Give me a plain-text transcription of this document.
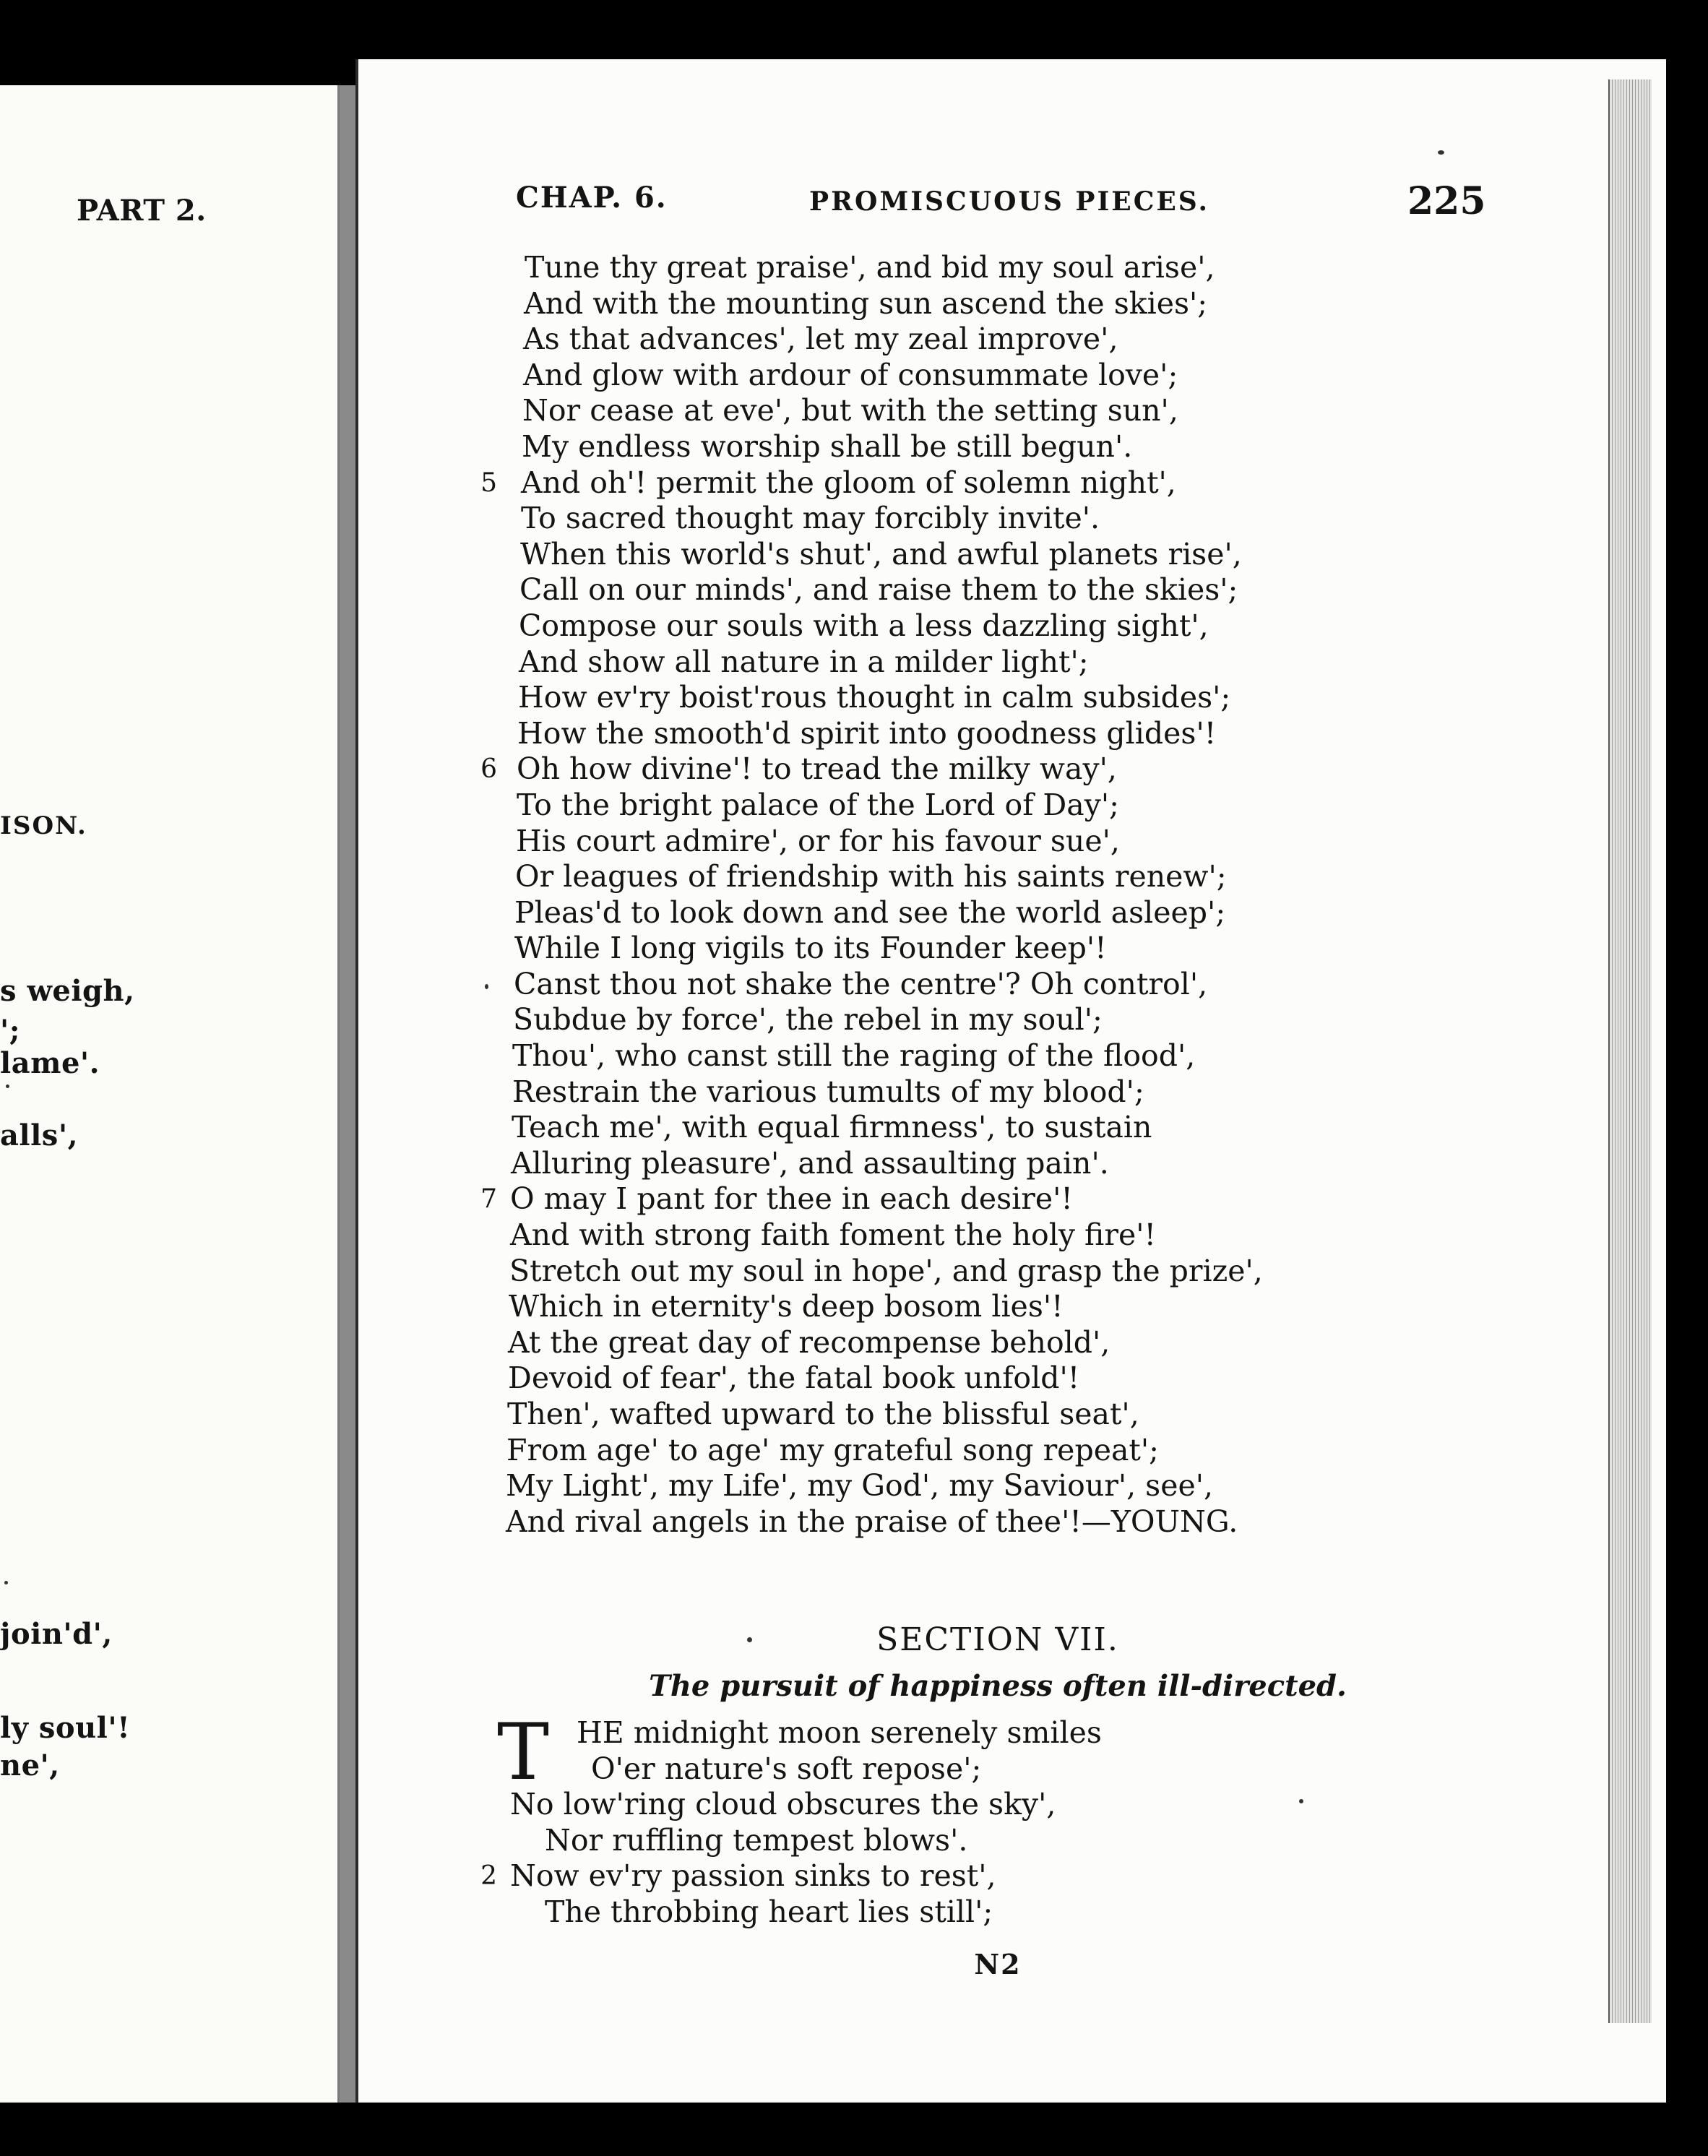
PART 2.
ISON.
s weigh,
';
lame'.
alls',
join'd',
ly soul'!
ne',
CHAP. 6.	PROMISCUOUS PIECES.	225
Tune thy great praise', and bid my soul arise',
And with the mounting sun ascend the skies';
As that advances', let my zeal improve',
And glow with ardour of consummate love';
Nor cease at eve', but with the setting sun',
My endless worship shall be still begun'.
5 And oh'! permit the gloom of solemn night',
To sacred thought may forcibly invite'.
When this world's shut', and awful planets rise',
Call on our minds', and raise them to the skies';
Compose our souls with a less dazzling sight',
And show all nature in a milder light';
How ev'ry boist'rous thought in calm subsides';
How the smooth'd spirit into goodness glides'!
6 Oh how divine'! to tread the milky way',
To the bright palace of the Lord of Day';
His court admire', or for his favour sue',
Or leagues of friendship with his saints renew';
Pleas'd to look down and see the world asleep';
While I long vigils to its Founder keep'!
Canst thou not shake the centre'? Oh control',
Subdue by force', the rebel in my soul';
Thou', who canst still the raging of the flood',
Restrain the various tumults of my blood';
Teach me', with equal firmness', to sustain
Alluring pleasure', and assaulting pain'.
7 O may I pant for thee in each desire'!
And with strong faith foment the holy fire'!
Stretch out my soul in hope', and grasp the prize',
Which in eternity's deep bosom lies'!
At the great day of recompense behold',
Devoid of fear', the fatal book unfold'!
Then', wafted upward to the blissful seat',
From age' to age' my grateful song repeat';
My Light', my Life', my God', my Saviour', see',
And rival angels in the praise of thee'!—YOUNG.
SECTION VII.
The pursuit of happiness often ill-directed.
T HE midnight moon serenely smiles
O'er nature's soft repose';
No low'ring cloud obscures the sky',
Nor ruffling tempest blows'.
2 Now ev'ry passion sinks to rest',
The throbbing heart lies still';
N2
